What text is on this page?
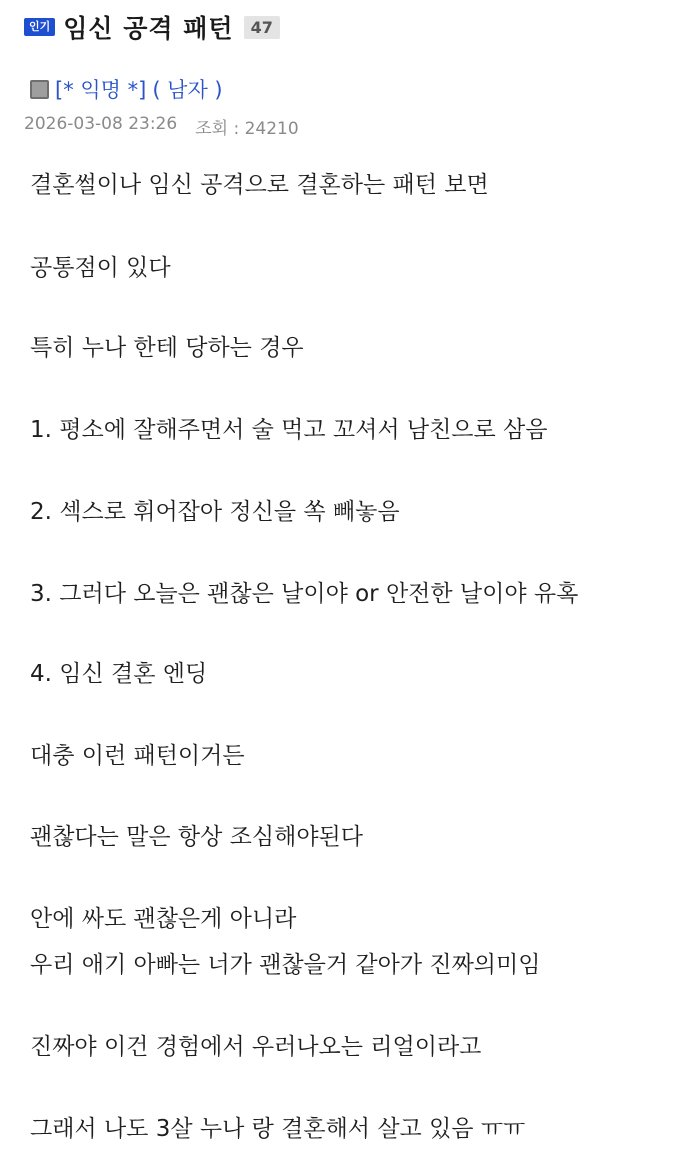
인기 임신 공격 패턴	47
[* 익명 *] ( 남자 )
2026-03-08 23:26 조회 : 24210
결혼썰이나 임신 공격으로 결혼하는 패턴 보면
공통점이 있다
특히 누나 한테 당하는 경우
1. 평소에 잘해주면서 술 먹고 꼬셔서 남친으로 삼음
2. 섹스로 휘어잡아 정신을 쏙 빼놓음
3. 그러다 오늘은 괜찮은 날이야 or 안전한 날이야 유혹
4. 임신 결혼 엔딩
대충 이런 패턴이거든
괜찮다는 말은 항상 조심해야된다
안에 싸도 괜찮은게 아니라
우리 애기 아빠는 너가 괜찮을거 같아가 진짜의미임
진짜야 이건 경험에서 우러나오는 리얼이라고
그래서 나도 3살 누나 랑 결혼해서 살고 있음 ㅠㅠ
